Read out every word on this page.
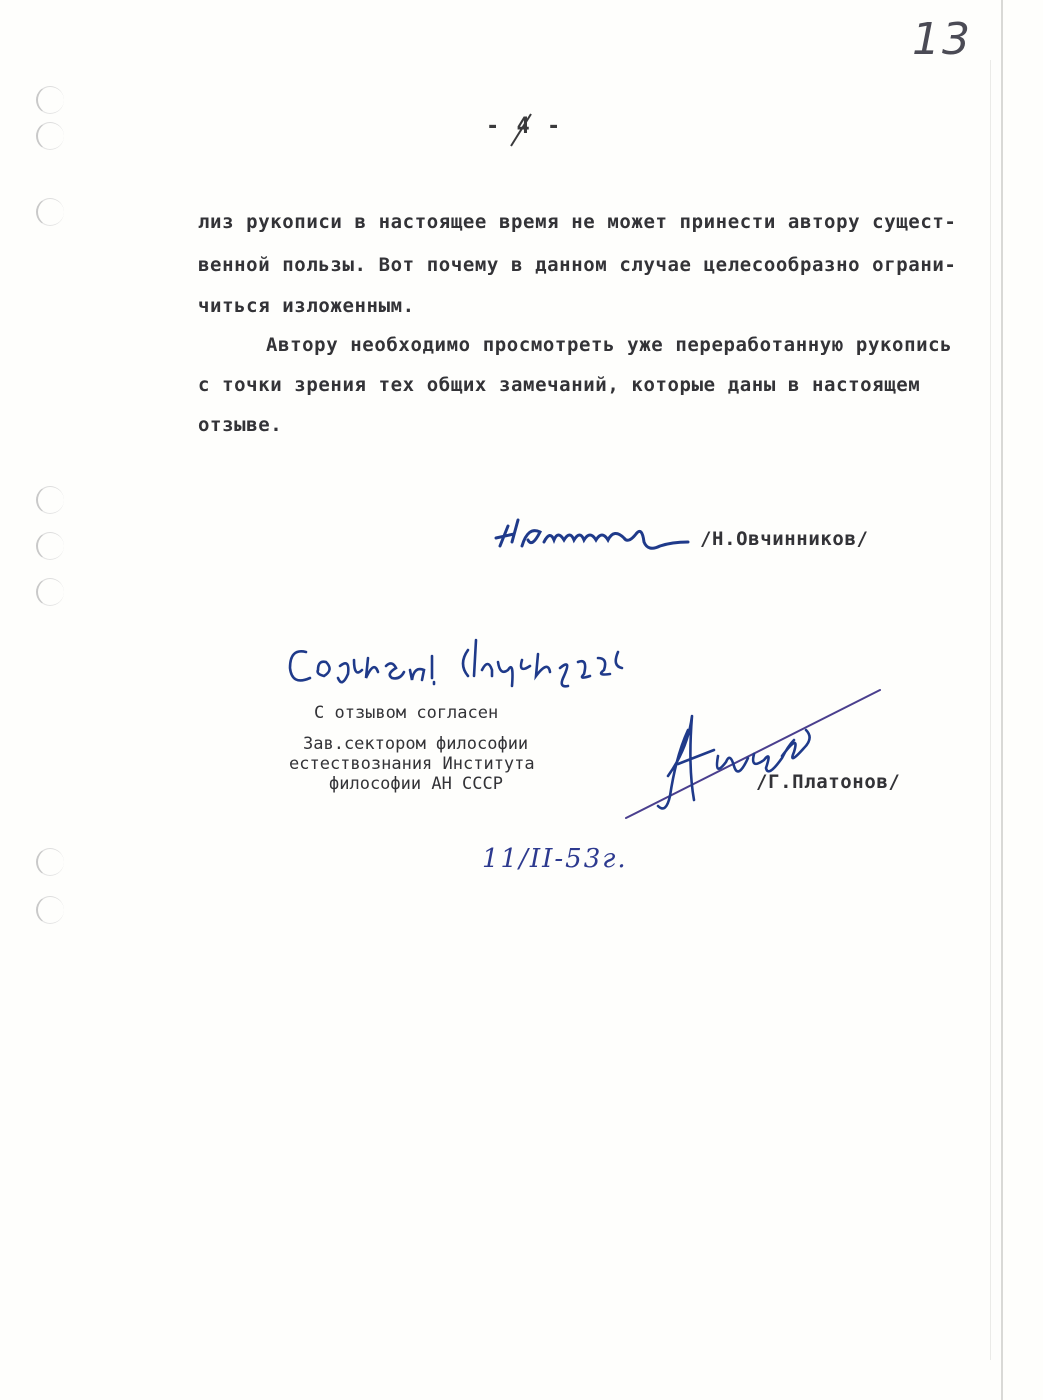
13
- 4 -
лиз рукописи в настоящее время не может принести автору сущест-
венной пользы. Вот почему в данном случае целесообразно ограни-
читься изложенным.
Автору необходимо просмотреть уже переработанную рукопись
с точки зрения тех общих замечаний, которые даны в настоящем
отзыве.
/Н.Овчинников/
С отзывом согласен
Зав.сектором философии
естествознания Института
философии АН СССР	/Г.Платонов/
11/II-53г.
